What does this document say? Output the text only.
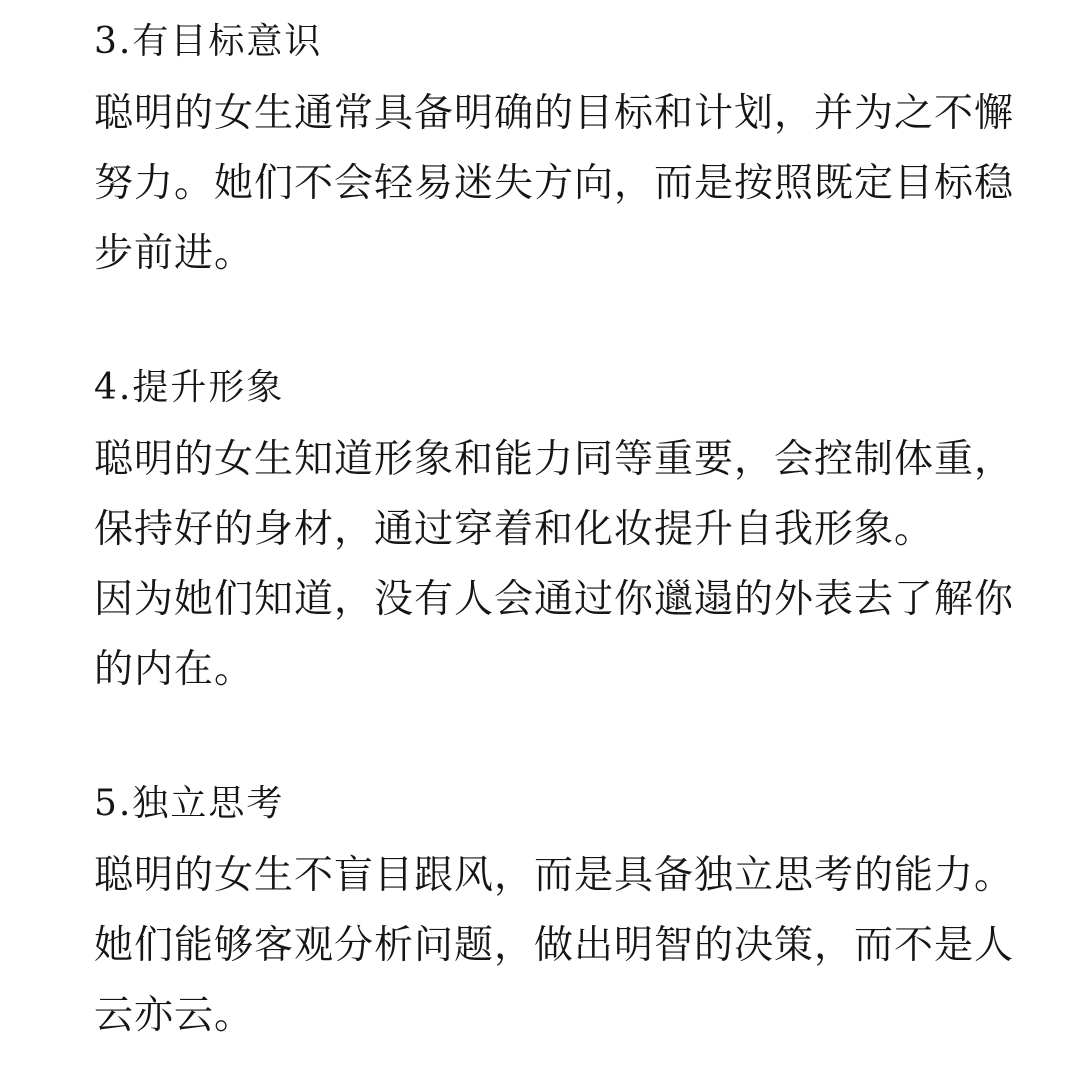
3.有目标意识
聪明的女生通常具备明确的目标和计划，并为之不懈
努力。她们不会轻易迷失方向，而是按照既定目标稳
步前进。
4.提升形象
聪明的女生知道形象和能力同等重要，会控制体重，
保持好的身材，通过穿着和化妆提升自我形象。
因为她们知道，没有人会通过你邋遢的外表去了解你
的内在。
5.独立思考
聪明的女生不盲目跟风，而是具备独立思考的能力。
她们能够客观分析问题，做出明智的决策，而不是人
云亦云。
